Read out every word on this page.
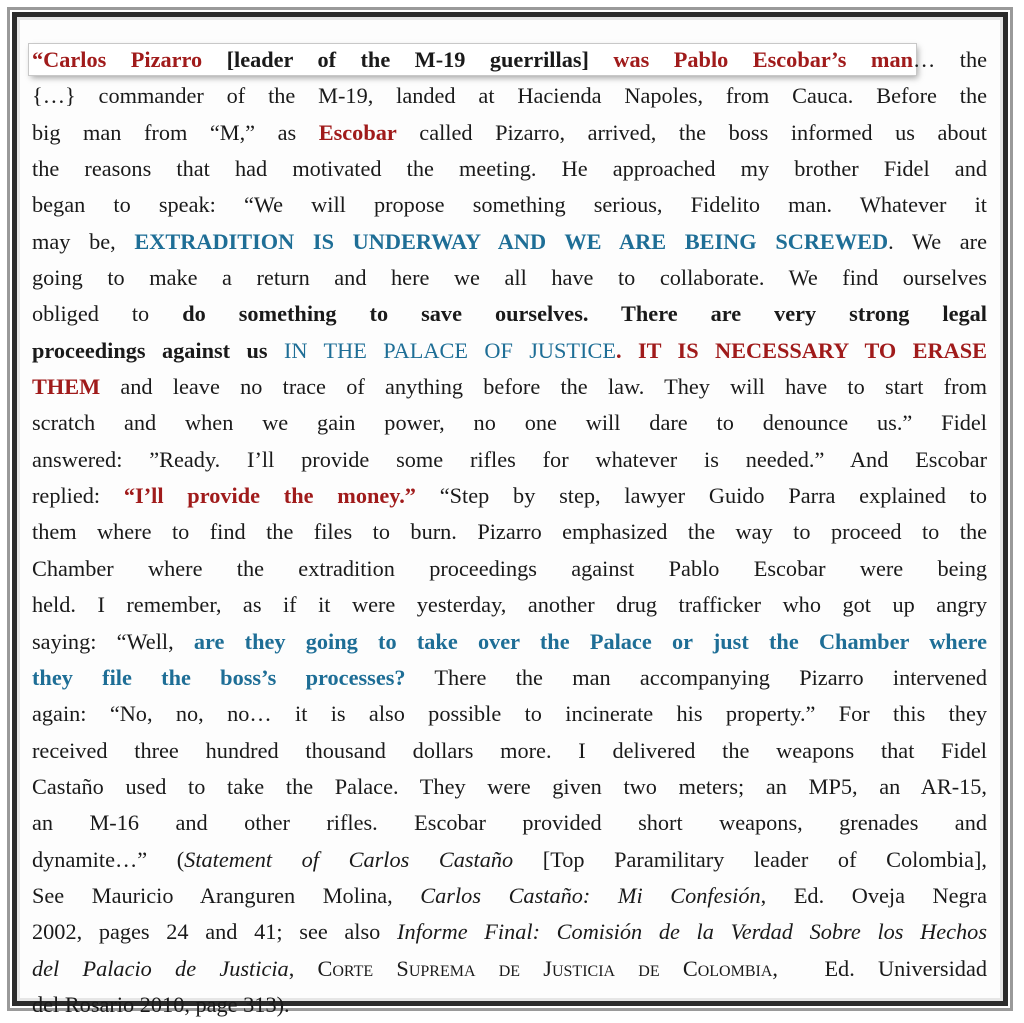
“Carlos Pizarro [leader of the M-19 guerrillas] was Pablo Escobar’s man… the
{…} commander of the M-19, landed at Hacienda Napoles, from Cauca. Before the
big man from “M,” as Escobar called Pizarro, arrived, the boss informed us about
the reasons that had motivated the meeting. He approached my brother Fidel and
began to speak: “We will propose something serious, Fidelito man. Whatever it
may be, EXTRADITION IS UNDERWAY AND WE ARE BEING SCREWED. We are
going to make a return and here we all have to collaborate. We find ourselves
obliged to do something to save ourselves. There are very strong legal
proceedings against us IN THE PALACE OF JUSTICE. IT IS NECESSARY TO ERASE
THEM and leave no trace of anything before the law. They will have to start from
scratch and when we gain power, no one will dare to denounce us.” Fidel
answered: ”Ready. I’ll provide some rifles for whatever is needed.” And Escobar
replied: “I’ll provide the money.” “Step by step, lawyer Guido Parra explained to
them where to find the files to burn. Pizarro emphasized the way to proceed to the
Chamber where the extradition proceedings against Pablo Escobar were being
held. I remember, as if it were yesterday, another drug trafficker who got up angry
saying: “Well, are they going to take over the Palace or just the Chamber where
they file the boss’s processes? There the man accompanying Pizarro intervened
again: “No, no, no… it is also possible to incinerate his property.” For this they
received three hundred thousand dollars more. I delivered the weapons that Fidel
Castaño used to take the Palace. They were given two meters; an MP5, an AR-15,
an M-16 and other rifles. Escobar provided short weapons, grenades and
dynamite…” (Statement of Carlos Castaño [Top Paramilitary leader of Colombia],
See Mauricio Aranguren Molina, Carlos Castaño: Mi Confesión, Ed. Oveja Negra
2002, pages 24 and 41; see also Informe Final: Comisión de la Verdad Sobre los Hechos
del Palacio de Justicia, Corte Suprema de Justicia de Colombia,  Ed. Universidad
del Rosario 2010, page 313).
